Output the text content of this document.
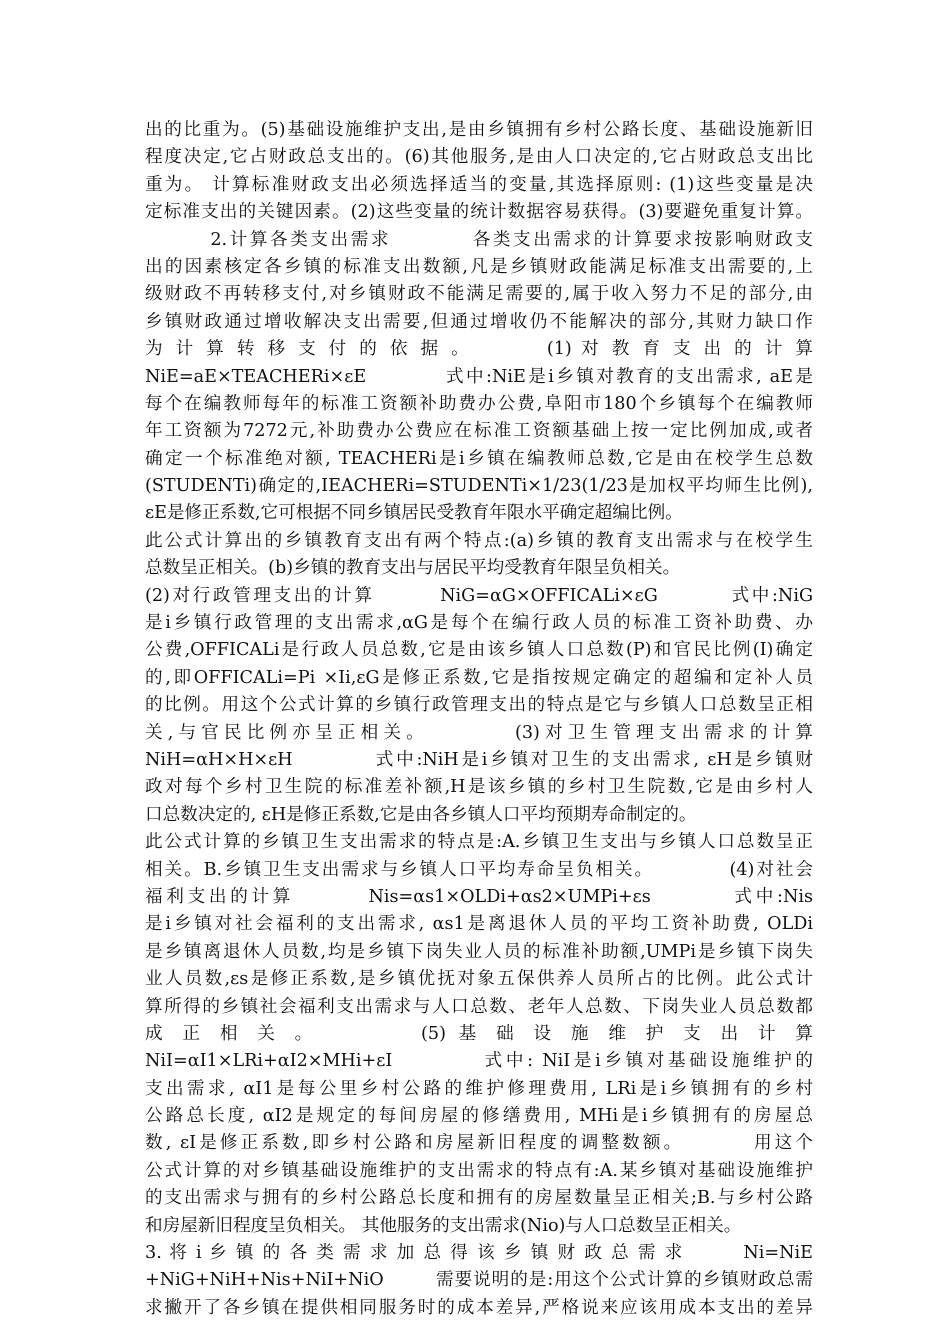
出的比重为。(5)基础设施维护支出,是由乡镇拥有乡村公路长度、基础设施新旧
程度决定,它占财政总支出的。(6)其他服务,是由人口决定的,它占财政总支出比
重为。 计算标准财政支出必须选择适当的变量,其选择原则: (1)这些变量是决
定标准支出的关键因素。(2)这些变量的统计数据容易获得。(3)要避免重复计算。
2.计算各类支出需求          各类支出需求的计算要求按影响财政支
出的因素核定各乡镇的标准支出数额,凡是乡镇财政能满足标准支出需要的,上
级财政不再转移支付,对乡镇财政不能满足需要的,属于收入努力不足的部分,由
乡镇财政通过增收解决支出需要,但通过增收仍不能解决的部分,其财力缺口作
为 计 算 转 移 支 付 的 依 据 。        (1) 对 教 育 支 出 的 计 算
NiE=aE×TEACHERi×εE          式中:NiE是i乡镇对教育的支出需求, aE是
每个在编教师每年的标准工资额补助费办公费,阜阳市180个乡镇每个在编教师
年工资额为7272元,补助费办公费应在标准工资额基础上按一定比例加成,或者
确定一个标准绝对额, TEACHERi是i乡镇在编教师总数,它是由在校学生总数
(STUDENTi)确定的,IEACHERi=STUDENTi×1/23(1/23是加权平均师生比例),
εE是修正系数,它可根据不同乡镇居民受教育年限水平确定超编比例。
此公式计算出的乡镇教育支出有两个特点:(a)乡镇的教育支出需求与在校学生
总数呈正相关。(b)乡镇的教育支出与居民平均受教育年限呈负相关。
(2)对行政管理支出的计算        NiG=αG×OFFICALi×εG         式中:NiG
是i乡镇行政管理的支出需求,αG是每个在编行政人员的标准工资补助费、办
公费,OFFICALi是行政人员总数,它是由该乡镇人口总数(P)和官民比例(I)确定
的,即OFFICALi=Pi ×Ii,εG是修正系数,它是指按规定确定的超编和定补人员
的比例。用这个公式计算的乡镇行政管理支出的特点是它与乡镇人口总数呈正相
关,与官民比例亦呈正相关。        (3)对卫生管理支出需求的计算
NiH=αH×H×εH          式中:NiH是i乡镇对卫生的支出需求, εH是乡镇财
政对每个乡村卫生院的标准差补额,H是该乡镇的乡村卫生院数,它是由乡村人
口总数决定的, εH是修正系数,它是由各乡镇人口平均预期寿命制定的。
此公式计算的乡镇卫生支出需求的特点是:A.乡镇卫生支出与乡镇人口总数呈正
相关。B.乡镇卫生支出需求与乡镇人口平均寿命呈负相关。          (4)对社会
福利支出的计算        Nis=αs1×OLDi+αs2×UMPi+εs         式中:Nis
是i乡镇对社会福利的支出需求, αs1是离退休人员的平均工资补助费, OLDi
是乡镇离退休人员数,均是乡镇下岗失业人员的标准补助额,UMPi是乡镇下岗失
业人员数,εs是修正系数,是乡镇优抚对象五保供养人员所占的比例。此公式计
算所得的乡镇社会福利支出需求与人口总数、老年人总数、下岗失业人员总数都
成 正 相 关 。        (5) 基 础 设 施 维 护 支 出 计 算
NiI=αI1×LRi+αI2×MHi+εI          式中: NiI是i乡镇对基础设施维护的
支出需求, αI1是每公里乡村公路的维护修理费用, LRi是i乡镇拥有的乡村
公路总长度, αI2是规定的每间房屋的修缮费用, MHi是i乡镇拥有的房屋总
数, εI是修正系数,即乡村公路和房屋新旧程度的调整数额。        用这个
公式计算的对乡镇基础设施维护的支出需求的特点有:A.某乡镇对基础设施维护
的支出需求与拥有的乡村公路总长度和拥有的房屋数量呈正相关;B.与乡村公路
和房屋新旧程度呈负相关。 其他服务的支出需求(Nio)与人口总数呈正相关。
3. 将 i 乡 镇 的 各 类 需 求 加 总 得 该 乡 镇 财 政 总 需 求        Ni=NiE
+NiG+NiH+Nis+NiI+NiO        需要说明的是:用这个公式计算的乡镇财政总需
求撇开了各乡镇在提供相同服务时的成本差异,严格说来应该用成本支出的差异
